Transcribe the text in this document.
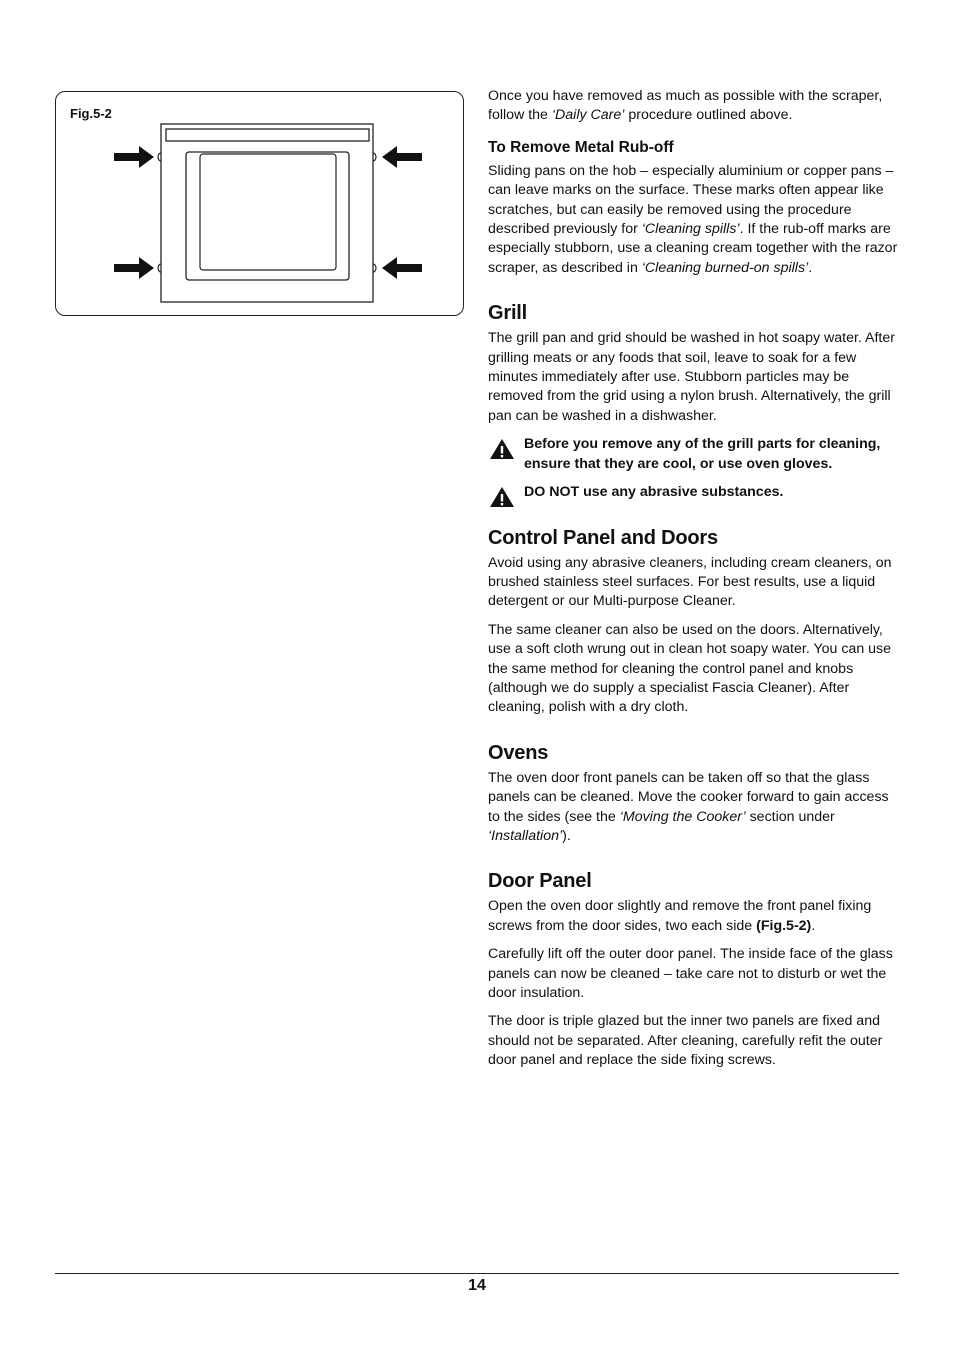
Fig.5-2

Once you have removed as much as possible with the scraper, follow the ‘Daily Care’ procedure outlined above.

To Remove Metal Rub-off

Sliding pans on the hob – especially aluminium or copper pans – can leave marks on the surface. These marks often appear like scratches, but can easily be removed using the procedure described previously for ‘Cleaning spills’. If the rub-off marks are especially stubborn, use a cleaning cream together with the razor scraper, as described in ‘Cleaning burned-on spills’.

Grill

The grill pan and grid should be washed in hot soapy water. After grilling meats or any foods that soil, leave to soak for a few minutes immediately after use. Stubborn particles may be removed from the grid using a nylon brush. Alternatively, the grill pan can be washed in a dishwasher.

Before you remove any of the grill parts for cleaning, ensure that they are cool, or use oven gloves.
DO NOT use any abrasive substances.
Control Panel and Doors

Avoid using any abrasive cleaners, including cream cleaners, on brushed stainless steel surfaces. For best results, use a liquid detergent or our Multi-purpose Cleaner.

The same cleaner can also be used on the doors. Alternatively, use a soft cloth wrung out in clean hot soapy water. You can use the same method for cleaning the control panel and knobs (although we do supply a specialist Fascia Cleaner). After cleaning, polish with a dry cloth.

Ovens

The oven door front panels can be taken off so that the glass panels can be cleaned. Move the cooker forward to gain access to the sides (see the ‘Moving the Cooker’ section under ‘Installation’).

Door Panel

Open the oven door slightly and remove the front panel fixing screws from the door sides, two each side (Fig.5-2).

Carefully lift off the outer door panel. The inside face of the glass panels can now be cleaned – take care not to disturb or wet the door insulation.

The door is triple glazed but the inner two panels are fixed and should not be separated. After cleaning, carefully refit the outer door panel and replace the side fixing screws.

14
